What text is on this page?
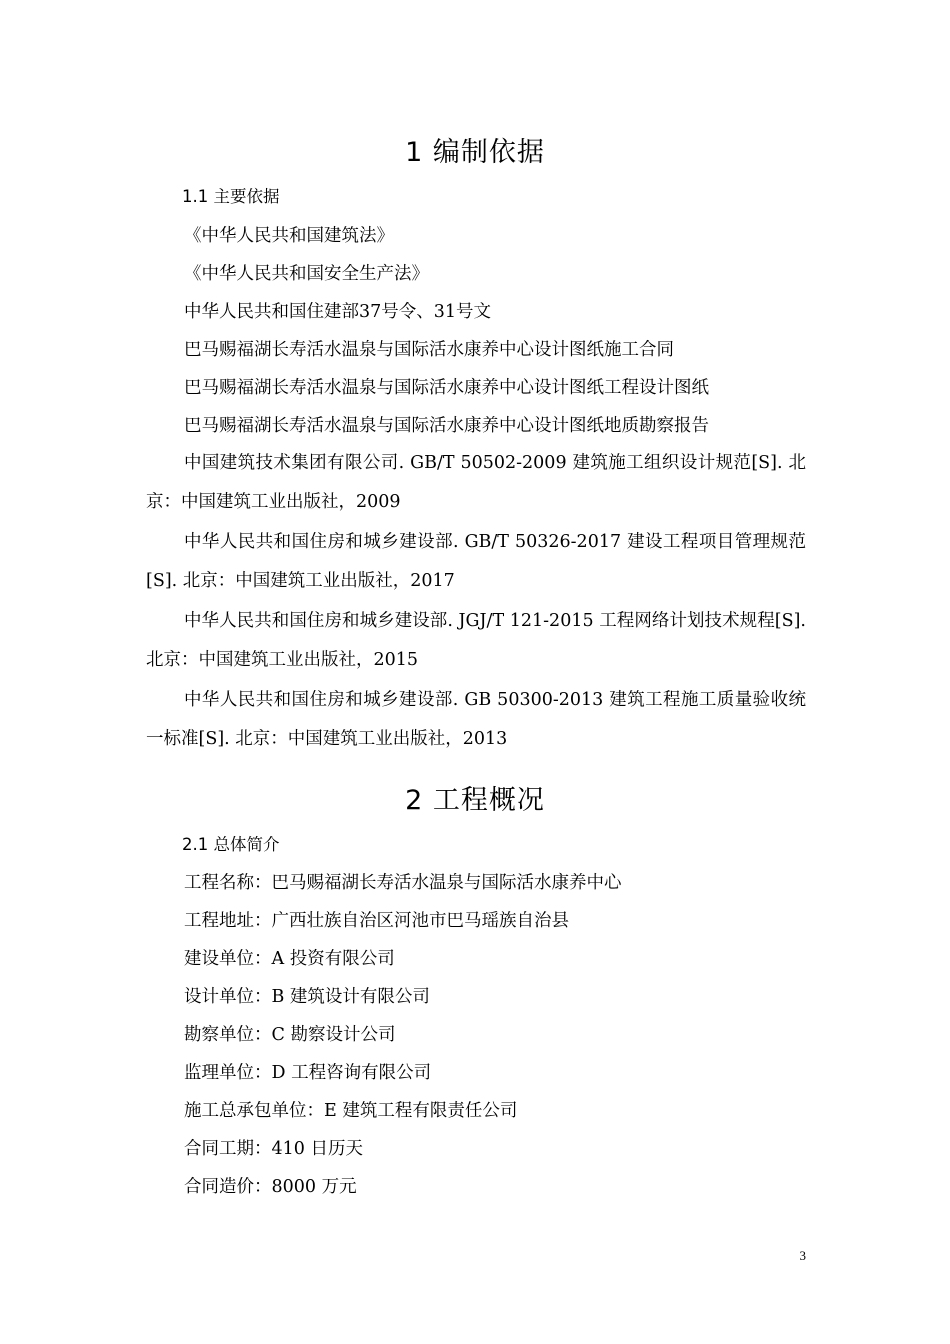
1 编制依据
1.1 主要依据
《中华人民共和国建筑法》
《中华人民共和国安全生产法》
中华人民共和国住建部37号令、31号文
巴马赐福湖长寿活水温泉与国际活水康养中心设计图纸施工合同
巴马赐福湖长寿活水温泉与国际活水康养中心设计图纸工程设计图纸
巴马赐福湖长寿活水温泉与国际活水康养中心设计图纸地质勘察报告
中国建筑技术集团有限公司. GB/T 50502-2009 建筑施工组织设计规范[S]. 北京：中国建筑工业出版社，2009
中华人民共和国住房和城乡建设部. GB/T 50326-2017 建设工程项目管理规范[S]. 北京：中国建筑工业出版社，2017
中华人民共和国住房和城乡建设部. JGJ/T 121-2015 工程网络计划技术规程[S]. 北京：中国建筑工业出版社，2015
中华人民共和国住房和城乡建设部. GB 50300-2013 建筑工程施工质量验收统一标准[S]. 北京：中国建筑工业出版社，2013
2 工程概况
2.1 总体简介
工程名称：巴马赐福湖长寿活水温泉与国际活水康养中心
工程地址：广西壮族自治区河池市巴马瑶族自治县
建设单位：A 投资有限公司
设计单位：B 建筑设计有限公司
勘察单位：C 勘察设计公司
监理单位：D 工程咨询有限公司
施工总承包单位：E 建筑工程有限责任公司
合同工期：410 日历天
合同造价：8000 万元
3
